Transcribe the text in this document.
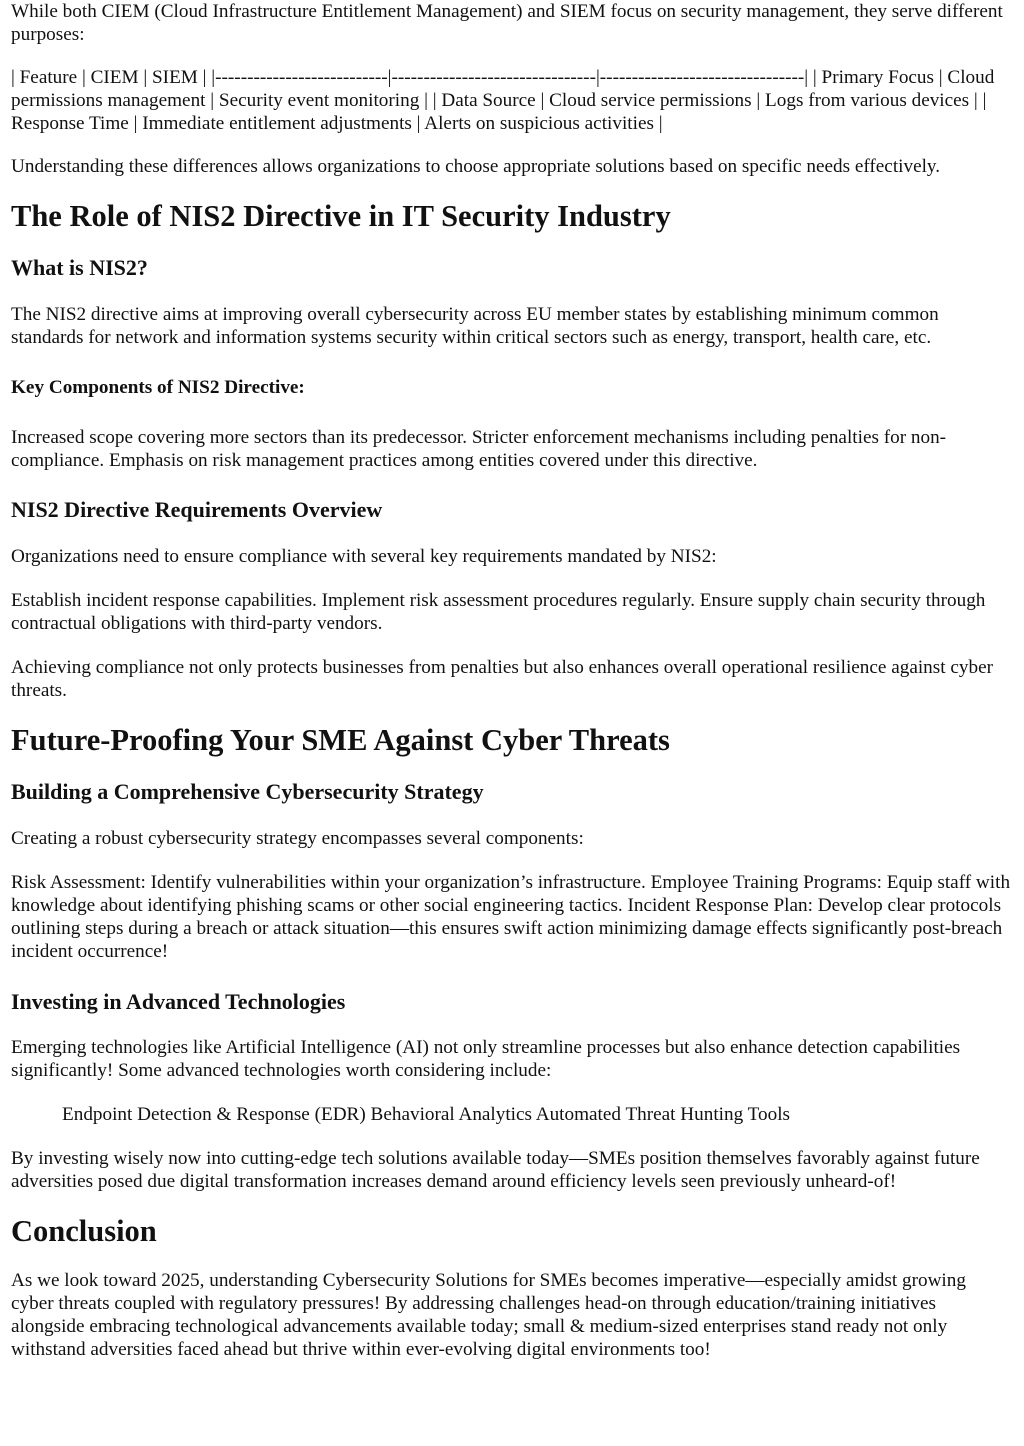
While both CIEM (Cloud Infrastructure Entitlement Management) and SIEM focus on security management, they serve different purposes:

| Feature | CIEM | SIEM | |---------------------------|--------------------------------|--------------------------------| | Primary Focus | Cloud permissions management | Security event monitoring | | Data Source | Cloud service permissions | Logs from various devices | | Response Time | Immediate entitlement adjustments | Alerts on suspicious activities |

Understanding these differences allows organizations to choose appropriate solutions based on specific needs effectively.

The Role of NIS2 Directive in IT Security Industry
What is NIS2?

The NIS2 directive aims at improving overall cybersecurity across EU member states by establishing minimum common standards for network and information systems security within critical sectors such as energy, transport, health care, etc.

Key Components of NIS2 Directive:

Increased scope covering more sectors than its predecessor. Stricter enforcement mechanisms including penalties for non-compliance. Emphasis on risk management practices among entities covered under this directive.

NIS2 Directive Requirements Overview

Organizations need to ensure compliance with several key requirements mandated by NIS2:

Establish incident response capabilities. Implement risk assessment procedures regularly. Ensure supply chain security through contractual obligations with third-party vendors.

Achieving compliance not only protects businesses from penalties but also enhances overall operational resilience against cyber threats.

Future-Proofing Your SME Against Cyber Threats
Building a Comprehensive Cybersecurity Strategy

Creating a robust cybersecurity strategy encompasses several components:

Risk Assessment: Identify vulnerabilities within your organization’s infrastructure. Employee Training Programs: Equip staff with knowledge about identifying phishing scams or other social engineering tactics. Incident Response Plan: Develop clear protocols outlining steps during a breach or attack situation—this ensures swift action minimizing damage effects significantly post-breach incident occurrence!

Investing in Advanced Technologies

Emerging technologies like Artificial Intelligence (AI) not only streamline processes but also enhance detection capabilities significantly! Some advanced technologies worth considering include:

Endpoint Detection & Response (EDR) Behavioral Analytics Automated Threat Hunting Tools

By investing wisely now into cutting-edge tech solutions available today—SMEs position themselves favorably against future adversities posed due digital transformation increases demand around efficiency levels seen previously unheard-of!

Conclusion

As we look toward 2025, understanding Cybersecurity Solutions for SMEs becomes imperative—especially amidst growing cyber threats coupled with regulatory pressures! By addressing challenges head-on through education/training initiatives alongside embracing technological advancements available today; small & medium-sized enterprises stand ready not only withstand adversities faced ahead but thrive within ever-evolving digital environments too!
